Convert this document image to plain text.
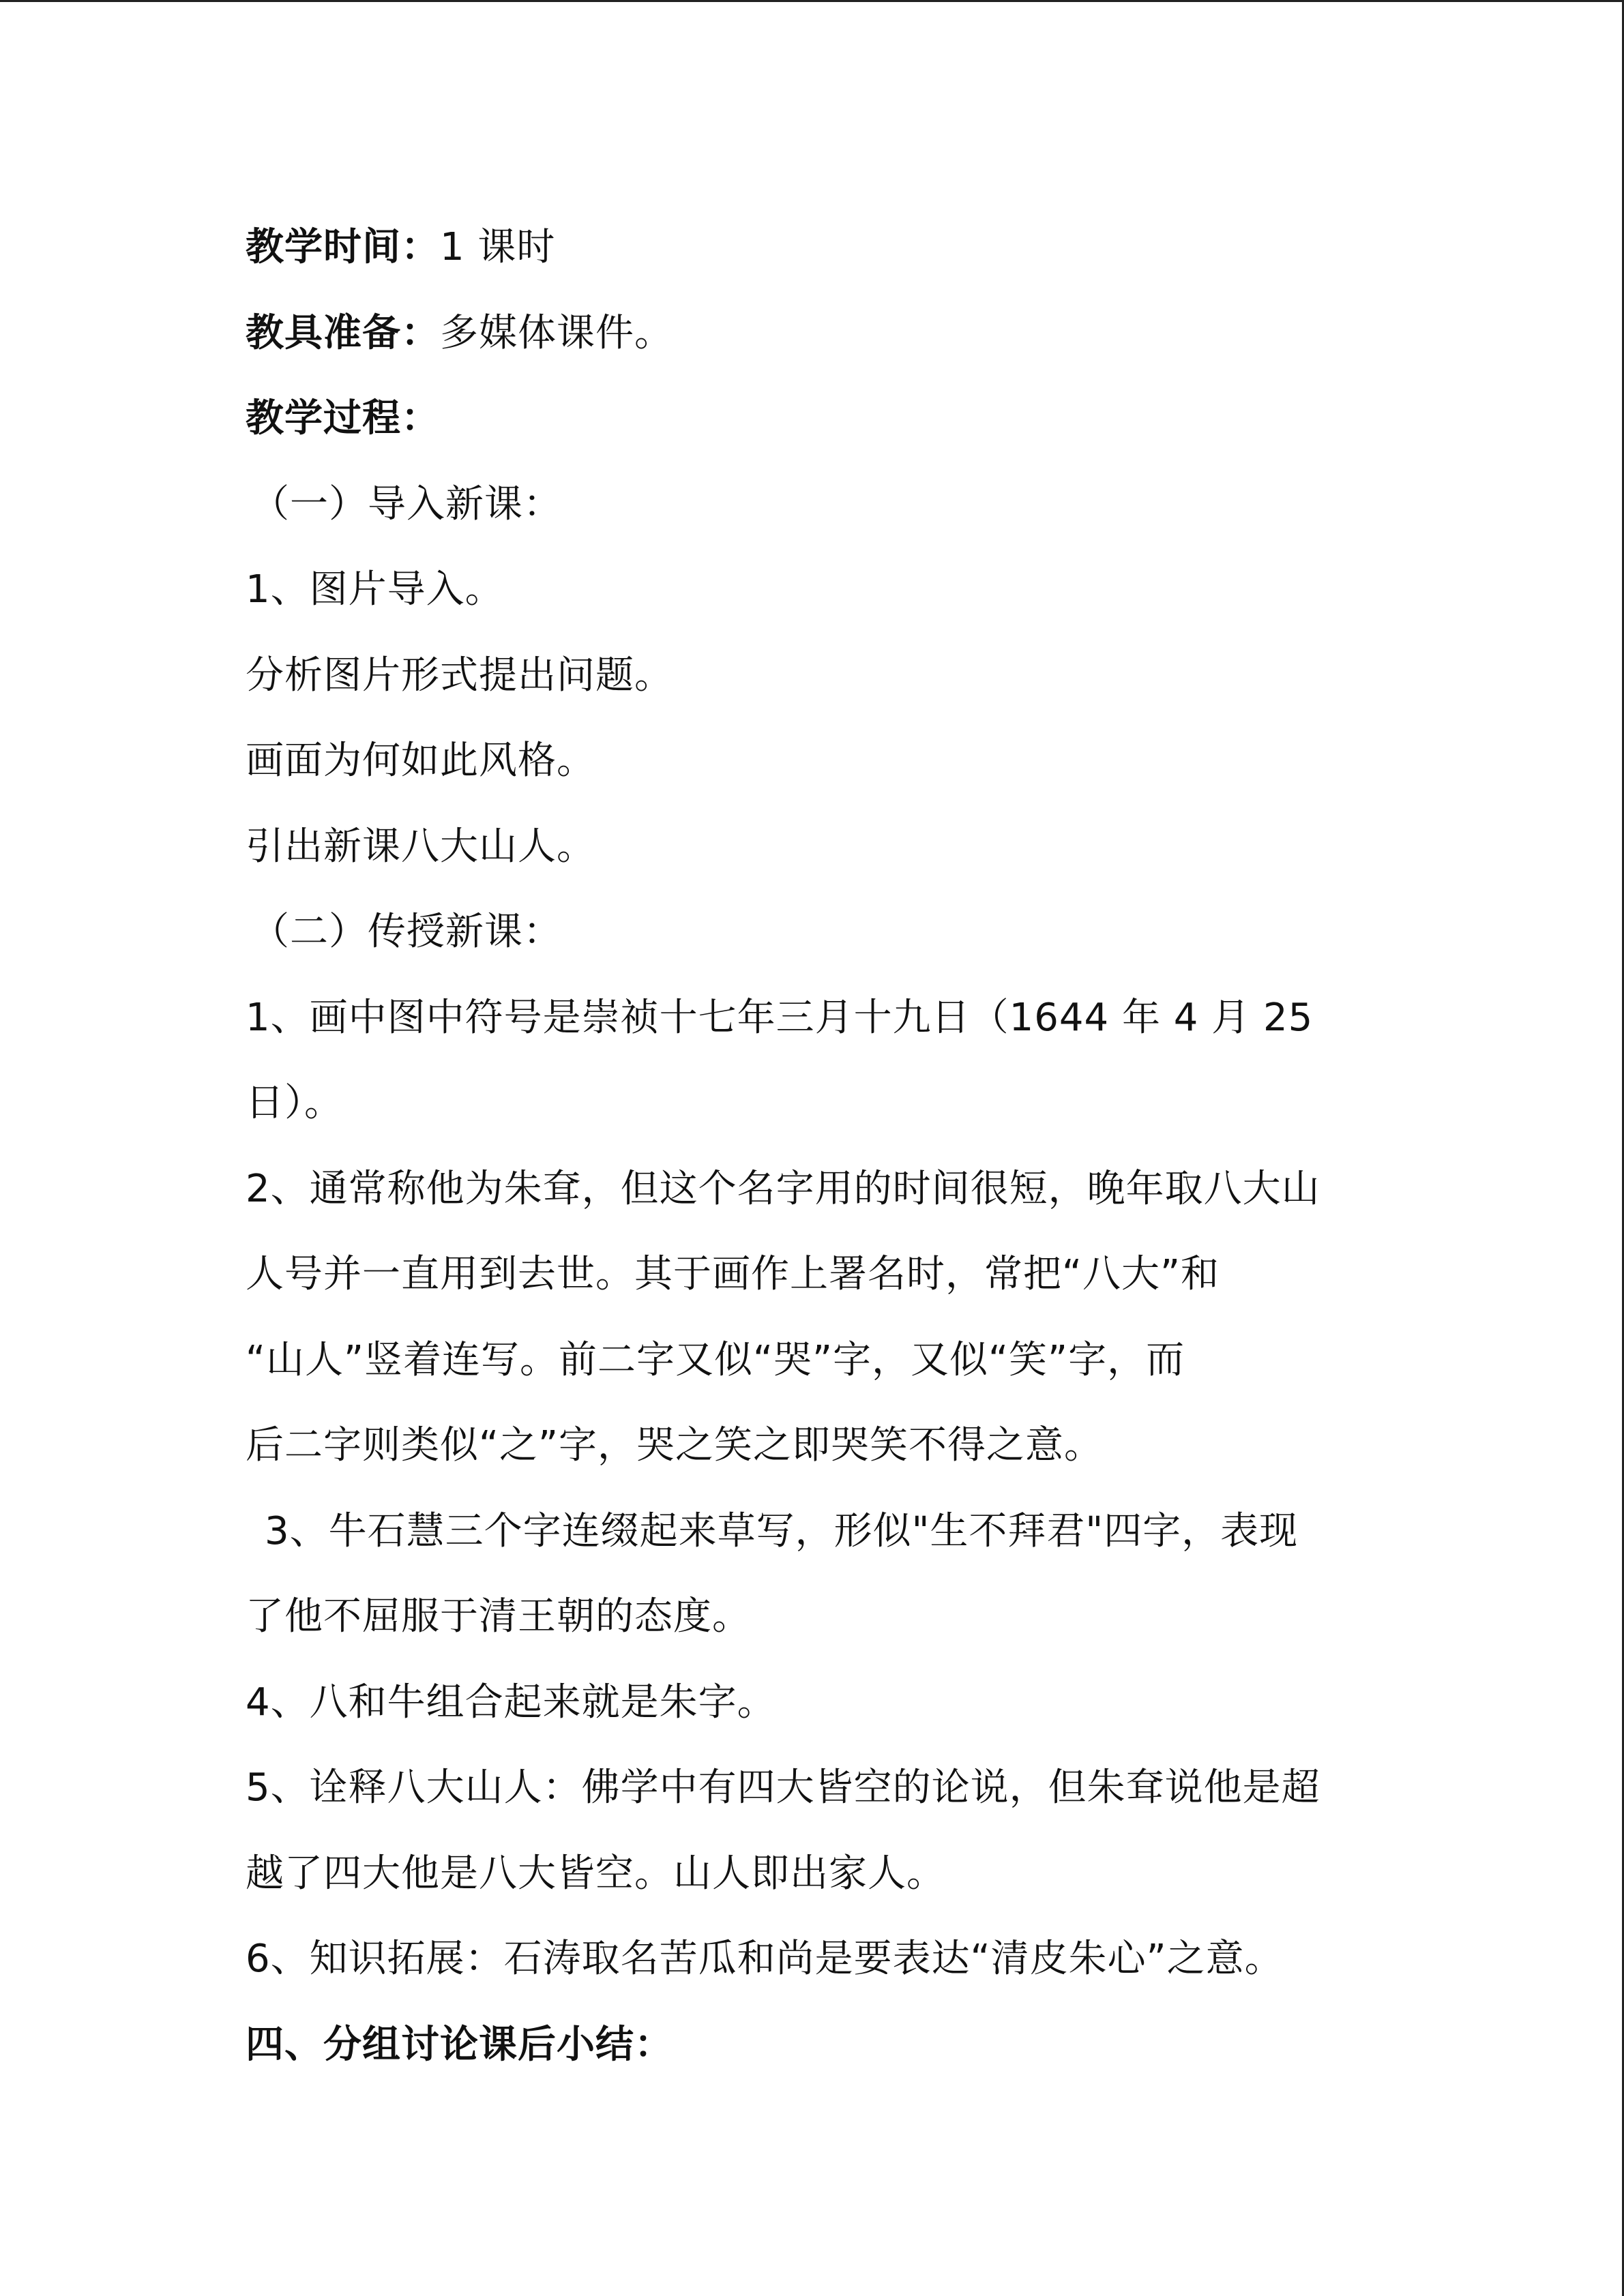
教学时间：1 课时
教具准备：多媒体课件。
教学过程：
（一）导入新课：
1、图片导入。
分析图片形式提出问题。
画面为何如此风格。
引出新课八大山人。
（二）传授新课：
1、画中图中符号是崇祯十七年三月十九日（1644 年 4 月 25
日）。
2、通常称他为朱耷，但这个名字用的时间很短，晚年取八大山
人号并一直用到去世。其于画作上署名时，常把“八大”和
“山人”竖着连写。前二字又似“哭”字，又似“笑”字，而
后二字则类似“之”字，哭之笑之即哭笑不得之意。
3、牛石慧三个字连缀起来草写，形似"生不拜君"四字，表现
了他不屈服于清王朝的态度。
4、八和牛组合起来就是朱字。
5、诠释八大山人：佛学中有四大皆空的论说，但朱耷说他是超
越了四大他是八大皆空。山人即出家人。
6、知识拓展：石涛取名苦瓜和尚是要表达“清皮朱心”之意。
四、分组讨论课后小结：
